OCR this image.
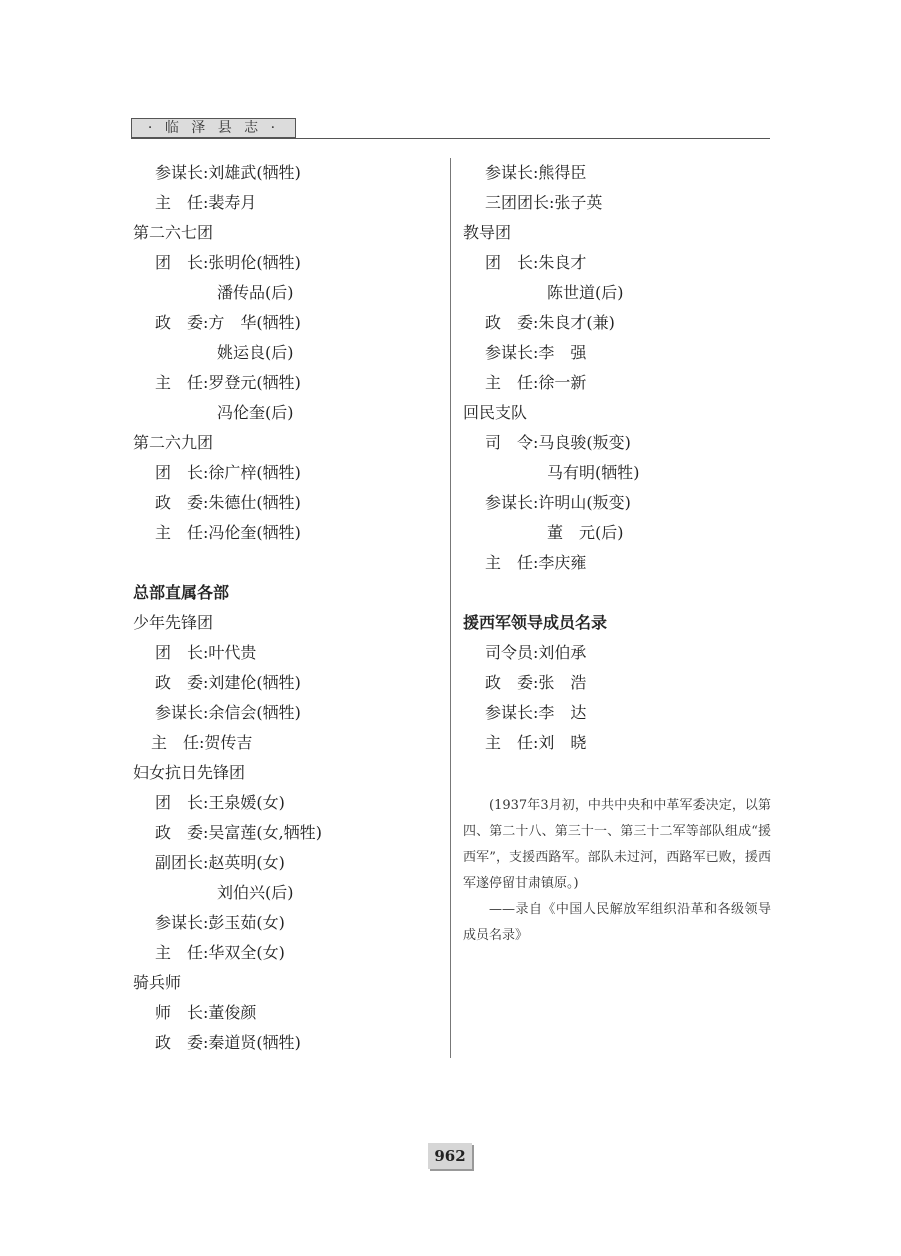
· 临 泽 县 志 ·
参谋长:刘雄武(牺牲)
主　任:裴寿月
第二六七团
团　长:张明伦(牺牲)
潘传品(后)
政　委:方　华(牺牲)
姚运良(后)
主　任:罗登元(牺牲)
冯伦奎(后)
第二六九团
团　长:徐广梓(牺牲)
政　委:朱德仕(牺牲)
主　任:冯伦奎(牺牲)
总部直属各部
少年先锋团
团　长:叶代贵
政　委:刘建伦(牺牲)
参谋长:余信会(牺牲)
主　任:贺传吉
妇女抗日先锋团
团　长:王泉媛(女)
政　委:吴富莲(女,牺牲)
副团长:赵英明(女)
刘伯兴(后)
参谋长:彭玉茹(女)
主　任:华双全(女)
骑兵师
师　长:董俊颜
政　委:秦道贤(牺牲)
参谋长:熊得臣
三团团长:张子英
教导团
团　长:朱良才
陈世道(后)
政　委:朱良才(兼)
参谋长:李　强
主　任:徐一新
回民支队
司　令:马良骏(叛变)
马有明(牺牲)
参谋长:许明山(叛变)
董　元(后)
主　任:李庆雍
援西军领导成员名录
司令员:刘伯承
政　委:张　浩
参谋长:李　达
主　任:刘　晓

(1937年3月初，中共中央和中革军委决定，以第四、第二十八、第三十一、第三十二军等部队组成“援西军”，支援西路军。部队未过河，西路军已败，援西军遂停留甘肃镇原。)

——录自《中国人民解放军组织沿革和各级领导成员名录》

962
